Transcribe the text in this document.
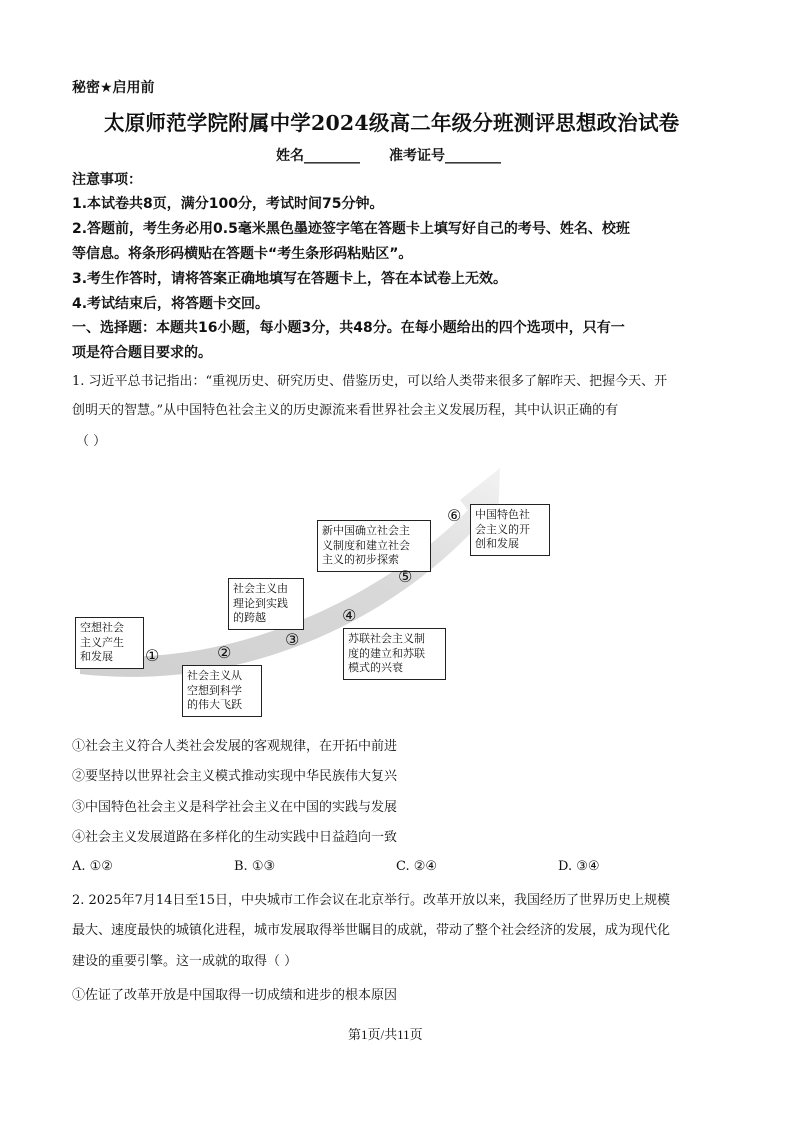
秘密★启用前
太原师范学院附属中学2024级高二年级分班测评思想政治试卷
姓名________ 准考证号________
注意事项：
1.本试卷共8页，满分100分，考试时间75分钟。
2.答题前，考生务必用0.5毫米黑色墨迹签字笔在答题卡上填写好自己的考号、姓名、校班
等信息。将条形码横贴在答题卡“考生条形码粘贴区”。
3.考生作答时，请将答案正确地填写在答题卡上，答在本试卷上无效。
4.考试结束后，将答题卡交回。
一、选择题：本题共16小题，每小题3分，共48分。在每小题给出的四个选项中，只有一
项是符合题目要求的。
1. 习近平总书记指出：“重视历史、研究历史、借鉴历史，可以给人类带来很多了解昨天、把握今天、开
创明天的智慧。”从中国特色社会主义的历史源流来看世界社会主义发展历程，其中认识正确的有
（ ）
空想社会
主义产生
和发展
社会主义从
空想到科学
的伟大飞跃
社会主义由
理论到实践
的跨越
苏联社会主义制
度的建立和苏联
模式的兴衰
新中国确立社会主
义制度和建立社会
主义的初步探索
中国特色社
会主义的开
创和发展
①	②
③
④
⑤
⑥
①社会主义符合人类社会发展的客观规律，在开拓中前进
②要坚持以世界社会主义模式推动实现中华民族伟大复兴
③中国特色社会主义是科学社会主义在中国的实践与发展
④社会主义发展道路在多样化的生动实践中日益趋向一致
A. ①②	B. ①③	C. ②④	D. ③④
2. 2025年7月14日至15日，中央城市工作会议在北京举行。改革开放以来，我国经历了世界历史上规模
最大、速度最快的城镇化进程，城市发展取得举世瞩目的成就，带动了整个社会经济的发展，成为现代化
建设的重要引擎。这一成就的取得（ ）
①佐证了改革开放是中国取得一切成绩和进步的根本原因
第1页/共11页
